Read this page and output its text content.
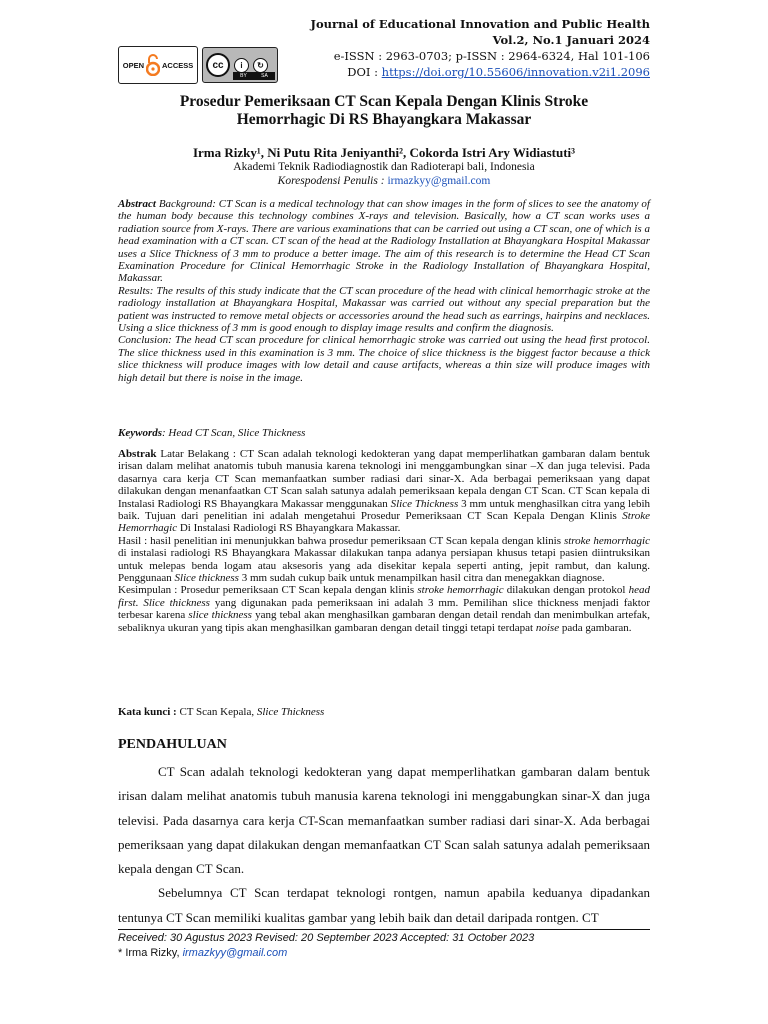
OPEN ACCESS	cc	i	↻
BY	SA
Journal of Educational Innovation and Public Health
Vol.2, No.1 Januari 2024
e-ISSN : 2963-0703; p-ISSN : 2964-6324, Hal 101-106
DOI : https://doi.org/10.55606/innovation.v2i1.2096
Prosedur Pemeriksaan CT Scan Kepala Dengan Klinis Stroke
Hemorrhagic Di RS Bhayangkara Makassar
Irma Rizky¹, Ni Putu Rita Jeniyanthi², Cokorda Istri Ary Widiastuti³
Akademi Teknik Radiodiagnostik dan Radioterapi bali, Indonesia
Korespodensi Penulis : irmazkyy@gmail.com
Abstract Background: CT Scan is a medical technology that can show images in the form of slices to see the anatomy of the human body because this technology combines X-rays and television. Basically, how a CT scan works uses a radiation source from X-rays. There are various examinations that can be carried out using a CT scan, one of which is a head examination with a CT scan. CT scan of the head at the Radiology Installation at Bhayangkara Hospital Makassar uses a Slice Thickness of 3 mm to produce a better image. The aim of this research is to determine the Head CT Scan Examination Procedure for Clinical Hemorrhagic Stroke in the Radiology Installation of Bhayangkara Hospital, Makassar.
Results: The results of this study indicate that the CT scan procedure of the head with clinical hemorrhagic stroke at the radiology installation at Bhayangkara Hospital, Makassar was carried out without any special preparation but the patient was instructed to remove metal objects or accessories around the head such as earrings, hairpins and necklaces. Using a slice thickness of 3 mm is good enough to display image results and confirm the diagnosis.
Conclusion: The head CT scan procedure for clinical hemorrhagic stroke was carried out using the head first protocol. The slice thickness used in this examination is 3 mm. The choice of slice thickness is the biggest factor because a thick slice thickness will produce images with low detail and cause artifacts, whereas a thin size will produce images with high detail but there is noise in the image.
Keywords: Head CT Scan, Slice Thickness
Abstrak Latar Belakang : CT Scan adalah teknologi kedokteran yang dapat memperlihatkan gambaran dalam bentuk irisan dalam melihat anatomis tubuh manusia karena teknologi ini menggambungkan sinar –X dan juga televisi. Pada dasarnya cara kerja CT Scan memanfaatkan sumber radiasi dari sinar-X. Ada berbagai pemeriksaan yang dapat dilakukan dengan menanfaatkan CT Scan salah satunya adalah pemeriksaan kepala dengan CT Scan. CT Scan kepala di Instalasi Radiologi RS Bhayangkara Makassar menggunakan Slice Thickness 3 mm untuk menghasilkan citra yang lebih baik. Tujuan dari penelitian ini adalah mengetahui Prosedur Pemeriksaan CT Scan Kepala Dengan Klinis Stroke Hemorrhagic Di Instalasi Radiologi RS Bhayangkara Makassar.
Hasil : hasil penelitian ini menunjukkan bahwa prosedur pemeriksaan CT Scan kepala dengan klinis stroke hemorrhagic di instalasi radiologi RS Bhayangkara Makassar dilakukan tanpa adanya persiapan khusus tetapi pasien diintruksikan untuk melepas benda logam atau aksesoris yang ada disekitar kepala seperti anting, jepit rambut, dan kalung. Penggunaan Slice thickness 3 mm sudah cukup baik untuk menampilkan hasil citra dan menegakkan diagnose.
Kesimpulan : Prosedur pemeriksaan CT Scan kepala dengan klinis stroke hemorrhagic dilakukan dengan protokol head first. Slice thickness yang digunakan pada pemeriksaan ini adalah 3 mm. Pemilihan slice thickness menjadi faktor terbesar karena slice thickness yang tebal akan menghasilkan gambaran dengan detail rendah dan menimbulkan artefak, sebaliknya ukuran yang tipis akan menghasilkan gambaran dengan detail tinggi tetapi terdapat noise pada gambaran.
Kata kunci : CT Scan Kepala, Slice Thickness
PENDAHULUAN

CT Scan adalah teknologi kedokteran yang dapat memperlihatkan gambaran dalam bentuk irisan dalam melihat anatomis tubuh manusia karena teknologi ini menggabungkan sinar-X dan juga televisi. Pada dasarnya cara kerja CT-Scan memanfaatkan sumber radiasi dari sinar-X. Ada berbagai pemeriksaan yang dapat dilakukan dengan memanfaatkan CT Scan salah satunya adalah pemeriksaan kepala dengan CT Scan.

Sebelumnya CT Scan terdapat teknologi rontgen, namun apabila keduanya dipadankan tentunya CT Scan memiliki kualitas gambar yang lebih baik dan detail daripada rontgen. CT

Received: 30 Agustus 2023 Revised: 20 September 2023 Accepted: 31 October 2023
* Irma Rizky, irmazkyy@gmail.com
